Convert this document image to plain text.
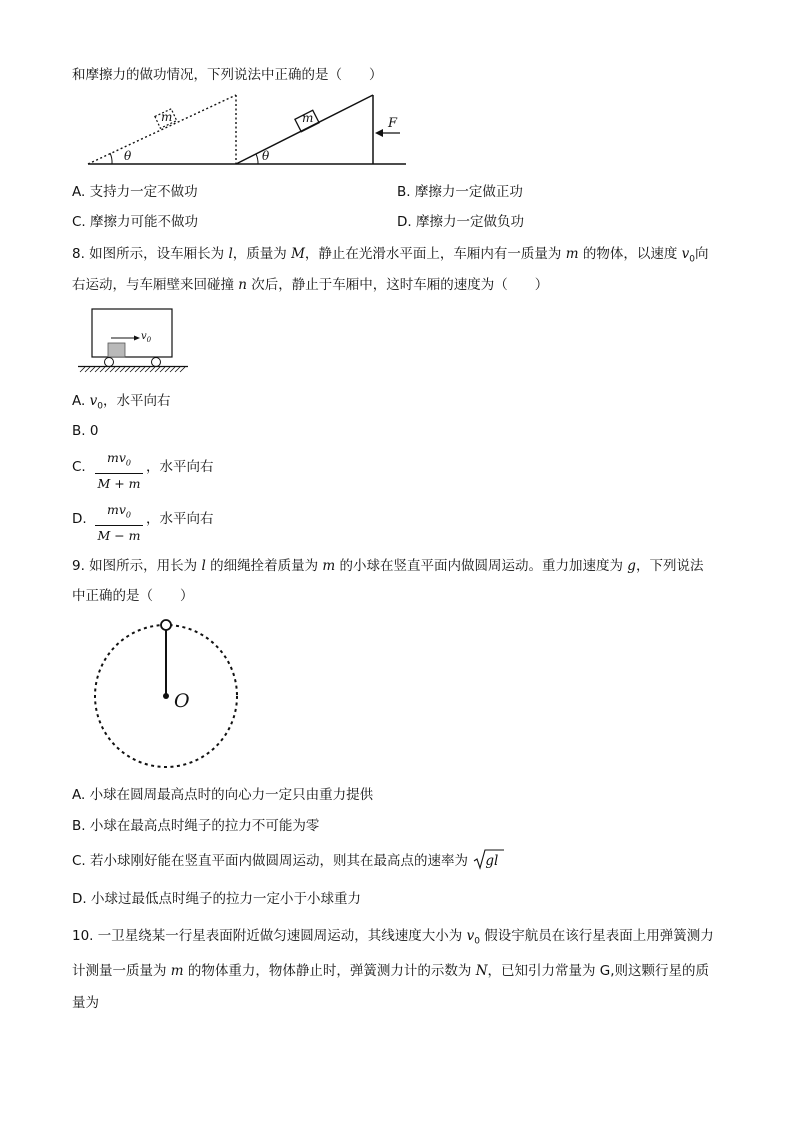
和摩擦力的做功情况，下列说法中正确的是（　　）
m	m
θ	θ
F
A. 支持力一定不做功	B. 摩擦力一定做正功
C. 摩擦力可能不做功	D. 摩擦力一定做负功
8. 如图所示，设车厢长为 l，质量为 M，静止在光滑水平面上，车厢内有一质量为 m 的物体，以速度 $v_0$向
右运动，与车厢壁来回碰撞 n 次后，静止于车厢中，这时车厢的速度为（　　）
$v_0$
A. $v_0$，水平向右
B. 0
C.
$mv_0$
M + m
，水平向右
D.
$mv_0$
M − m
，水平向右
9. 如图所示，用长为 l 的细绳拴着质量为 m 的小球在竖直平面内做圆周运动。重力加速度为 g，下列说法
中正确的是（　　）
O
A. 小球在圆周最高点时的向心力一定只由重力提供
B. 小球在最高点时绳子的拉力不可能为零
C. 若小球刚好能在竖直平面内做圆周运动，则其在最高点的速率为 gl
D. 小球过最低点时绳子的拉力一定小于小球重力
10. 一卫星绕某一行星表面附近做匀速圆周运动，其线速度大小为 $v_0$ 假设宇航员在该行星表面上用弹簧测力
计测量一质量为 m 的物体重力，物体静止时，弹簧测力计的示数为 N，已知引力常量为 G,则这颗行星的质
量为
